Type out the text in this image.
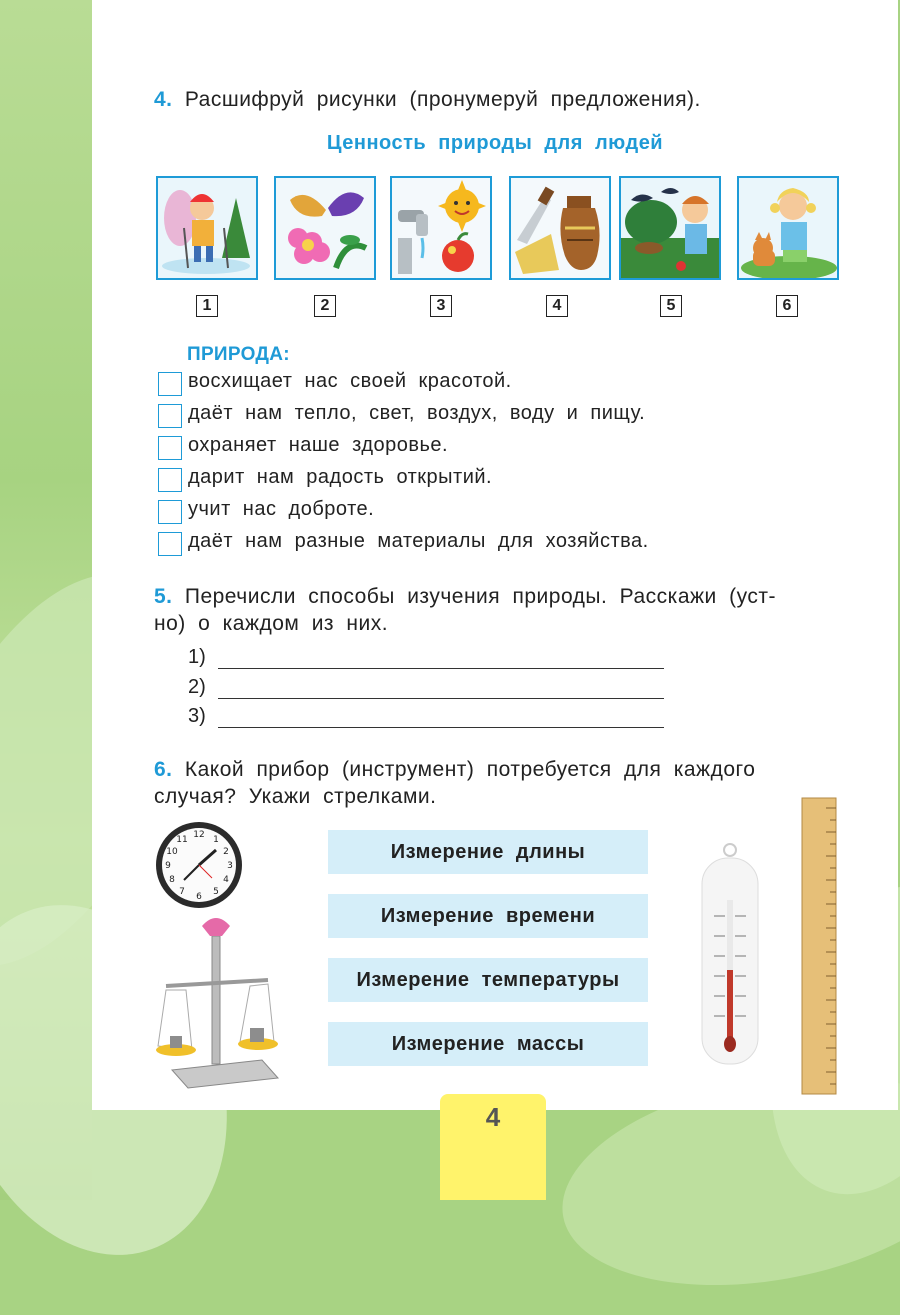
4. Расшифруй рисунки (пронумеруй предложения).
Ценность природы для людей
1	2	3	4	5	6
ПРИРОДА:
восхищает нас своей красотой.
даёт нам тепло, свет, воздух, воду и пищу.
охраняет наше здоровье.
дарит нам радость открытий.
учит нас доброте.
даёт нам разные материалы для хозяйства.
5. Перечисли способы изучения природы. Расскажи (уст-
но) о каждом из них.
1)
2)
3)
6. Какой прибор (инструмент) потребуется для каждого
случая? Укажи стрелками.
12 1
2
3
4
5
6
7
8
9
10
11
Измерение длины
Измерение времени
Измерение температуры
Измерение массы
4
